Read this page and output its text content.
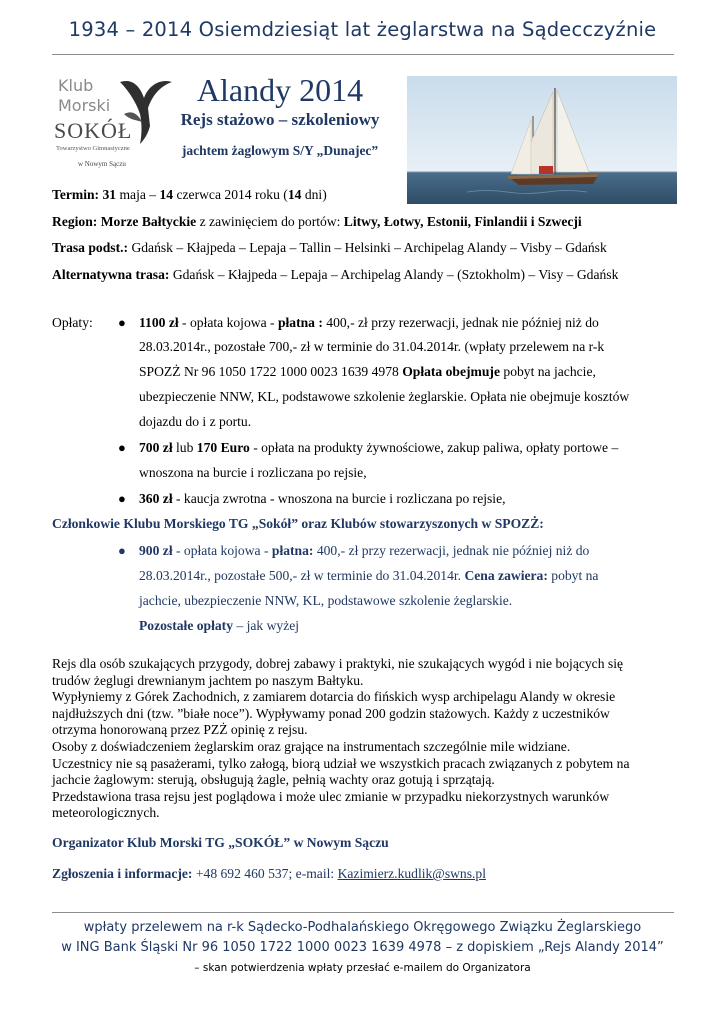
1934 – 2014 Osiemdziesiąt lat żeglarstwa na Sądecczyźnie
Klub
Morski
SOKÓŁ
Towarzystwo Gimnastyczne
w Nowym Sączu
Alandy 2014
Rejs stażowo – szkoleniowy
jachtem żaglowym S/Y „Dunajec”
Termin: 31 maja – 14 czerwca 2014 roku (14 dni)
Region: Morze Bałtyckie z zawinięciem do portów: Litwy, Łotwy, Estonii, Finlandii i Szwecji
Trasa podst.: Gdańsk – Kłajpeda – Lepaja – Tallin – Helsinki – Archipelag Alandy – Visby – Gdańsk
Alternatywna trasa: Gdańsk – Kłajpeda – Lepaja – Archipelag Alandy – (Sztokholm) – Visy – Gdańsk
Opłaty: ● 1100 zł - opłata kojowa - płatna : 400,- zł przy rezerwacji, jednak nie później niż do
28.03.2014r., pozostałe 700,- zł w terminie do 31.04.2014r. (wpłaty przelewem na r-k
SPOZŻ Nr 96 1050 1722 1000 0023 1639 4978 Opłata obejmuje pobyt na jachcie,
ubezpieczenie NNW, KL, podstawowe szkolenie żeglarskie. Opłata nie obejmuje kosztów
dojazdu do i z portu.
● 700 zł lub 170 Euro - opłata na produkty żywnościowe, zakup paliwa, opłaty portowe –
wnoszona na burcie i rozliczana po rejsie,
● 360 zł - kaucja zwrotna - wnoszona na burcie i rozliczana po rejsie,
Członkowie Klubu Morskiego TG „Sokół” oraz Klubów stowarzyszonych w SPOZŻ:
● 900 zł - opłata kojowa - płatna: 400,- zł przy rezerwacji, jednak nie później niż do
28.03.2014r., pozostałe 500,- zł w terminie do 31.04.2014r. Cena zawiera: pobyt na
jachcie, ubezpieczenie NNW, KL, podstawowe szkolenie żeglarskie.
Pozostałe opłaty – jak wyżej
Rejs dla osób szukających przygody, dobrej zabawy i praktyki, nie szukających wygód i nie bojących się
trudów żeglugi drewnianym jachtem po naszym Bałtyku.
Wypłyniemy z Górek Zachodnich, z zamiarem dotarcia do fińskich wysp archipelagu Alandy w okresie
najdłuższych dni (tzw. ”białe noce”). Wypływamy ponad 200 godzin stażowych. Każdy z uczestników
otrzyma honorowaną przez PZŻ opinię z rejsu.
Osoby z doświadczeniem żeglarskim oraz grające na instrumentach szczególnie mile widziane.
Uczestnicy nie są pasażerami, tylko załogą, biorą udział we wszystkich pracach związanych z pobytem na
jachcie żaglowym: sterują, obsługują żagle, pełnią wachty oraz gotują i sprzątają.
Przedstawiona trasa rejsu jest poglądowa i może ulec zmianie w przypadku niekorzystnych warunków
meteorologicznych.
Organizator Klub Morski TG „SOKÓŁ” w Nowym Sączu
Zgłoszenia i informacje: +48 692 460 537; e-mail: Kazimierz.kudlik@swns.pl
wpłaty przelewem na r-k Sądecko-Podhalańskiego Okręgowego Związku Żeglarskiego
w ING Bank Śląski Nr 96 1050 1722 1000 0023 1639 4978 – z dopiskiem „Rejs Alandy 2014”
– skan potwierdzenia wpłaty przesłać e-mailem do Organizatora
